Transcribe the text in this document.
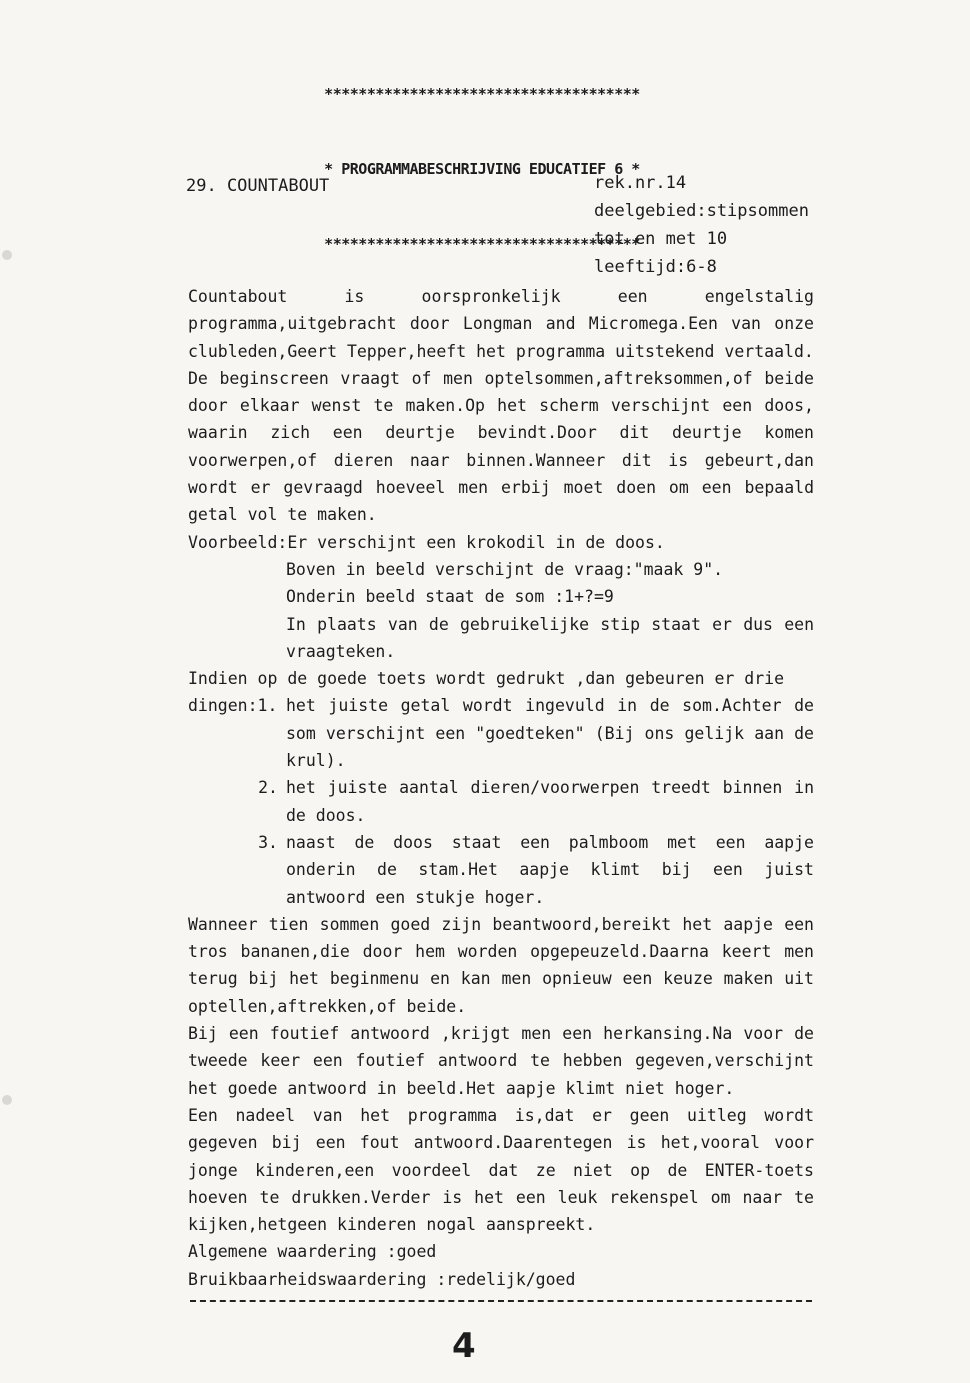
*************************************

* PROGRAMMABESCHRIJVING EDUCATIEF 6 *

*************************************

29. COUNTABOUT	rek.nr.14
deelgebied:stipsommen
tot en met 10
leeftijd:6-8

Countabout is oorspronkelijk een engelstalig programma,uitgebracht door Longman and Micromega.Een van onze clubleden,Geert Tepper,heeft het programma uitstekend vertaald.

De beginscreen vraagt of men optelsommen,aftreksommen,of beide door elkaar wenst te maken.Op het scherm verschijnt een doos, waarin zich een deurtje bevindt.Door dit deurtje komen voorwerpen,of dieren naar binnen.Wanneer dit is gebeurt,dan wordt er gevraagd hoeveel men erbij moet doen om een bepaald getal vol te maken.

Voorbeeld: Er verschijnt een krokodil in de doos.

Boven in beeld verschijnt de vraag:"maak 9".

Onderin beeld staat de som :1+?=9

In plaats van de gebruikelijke stip staat er dus een vraagteken.

Indien op de goede toets wordt gedrukt ,dan gebeuren er drie

dingen:1. het juiste getal wordt ingevuld in de som.Achter de som verschijnt een "goedteken" (Bij ons gelijk aan de krul).
2. het juiste aantal dieren/voorwerpen treedt binnen in de doos.
3. naast de doos staat een palmboom met een aapje onderin de stam.Het aapje klimt bij een juist antwoord een stukje hoger.

Wanneer tien sommen goed zijn beantwoord,bereikt het aapje een tros bananen,die door hem worden opgepeuzeld.Daarna keert men terug bij het beginmenu en kan men opnieuw een keuze maken uit optellen,aftrekken,of beide.

Bij een foutief antwoord ,krijgt men een herkansing.Na voor de tweede keer een foutief antwoord te hebben gegeven,verschijnt het goede antwoord in beeld.Het aapje klimt niet hoger.

Een nadeel van het programma is,dat er geen uitleg wordt gegeven bij een fout antwoord.Daarentegen is het,vooral voor jonge kinderen,een voordeel dat ze niet op de ENTER-toets hoeven te drukken.Verder is het een leuk rekenspel om naar te kijken,hetgeen kinderen nogal aanspreekt.

Algemene waardering :goed

Bruikbaarheidswaardering :redelijk/goed

4
